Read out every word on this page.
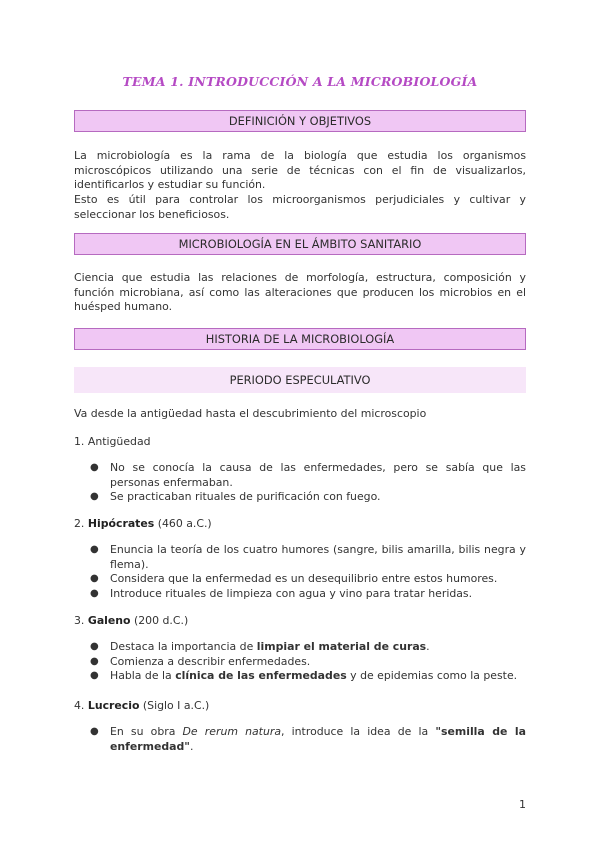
TEMA 1. INTRODUCCIÓN A LA MICROBIOLOGÍA
DEFINICIÓN Y OBJETIVOS

La microbiología es la rama de la biología que estudia los organismos microscópicos utilizando una serie de técnicas con el fin de visualizarlos, identificarlos y estudiar su función.

Esto es útil para controlar los microorganismos perjudiciales y cultivar y seleccionar los beneficiosos.

MICROBIOLOGÍA EN EL ÁMBITO SANITARIO

Ciencia que estudia las relaciones de morfología, estructura, composición y función microbiana, así como las alteraciones que producen los microbios en el huésped humano.

HISTORIA DE LA MICROBIOLOGÍA
PERIODO ESPECULATIVO
Va desde la antigüedad hasta el descubrimiento del microscopio
1. Antigüedad
● No se conocía la causa de las enfermedades, pero se sabía que las personas enfermaban.
● Se practicaban rituales de purificación con fuego.
2. Hipócrates (460 a.C.)
● Enuncia la teoría de los cuatro humores (sangre, bilis amarilla, bilis negra y flema).
● Considera que la enfermedad es un desequilibrio entre estos humores.
● Introduce rituales de limpieza con agua y vino para tratar heridas.
3. Galeno (200 d.C.)
● Destaca la importancia de limpiar el material de curas.
● Comienza a describir enfermedades.
● Habla de la clínica de las enfermedades y de epidemias como la peste.
4. Lucrecio (Siglo I a.C.)
● En su obra De rerum natura, introduce la idea de la "semilla de la enfermedad".
1
